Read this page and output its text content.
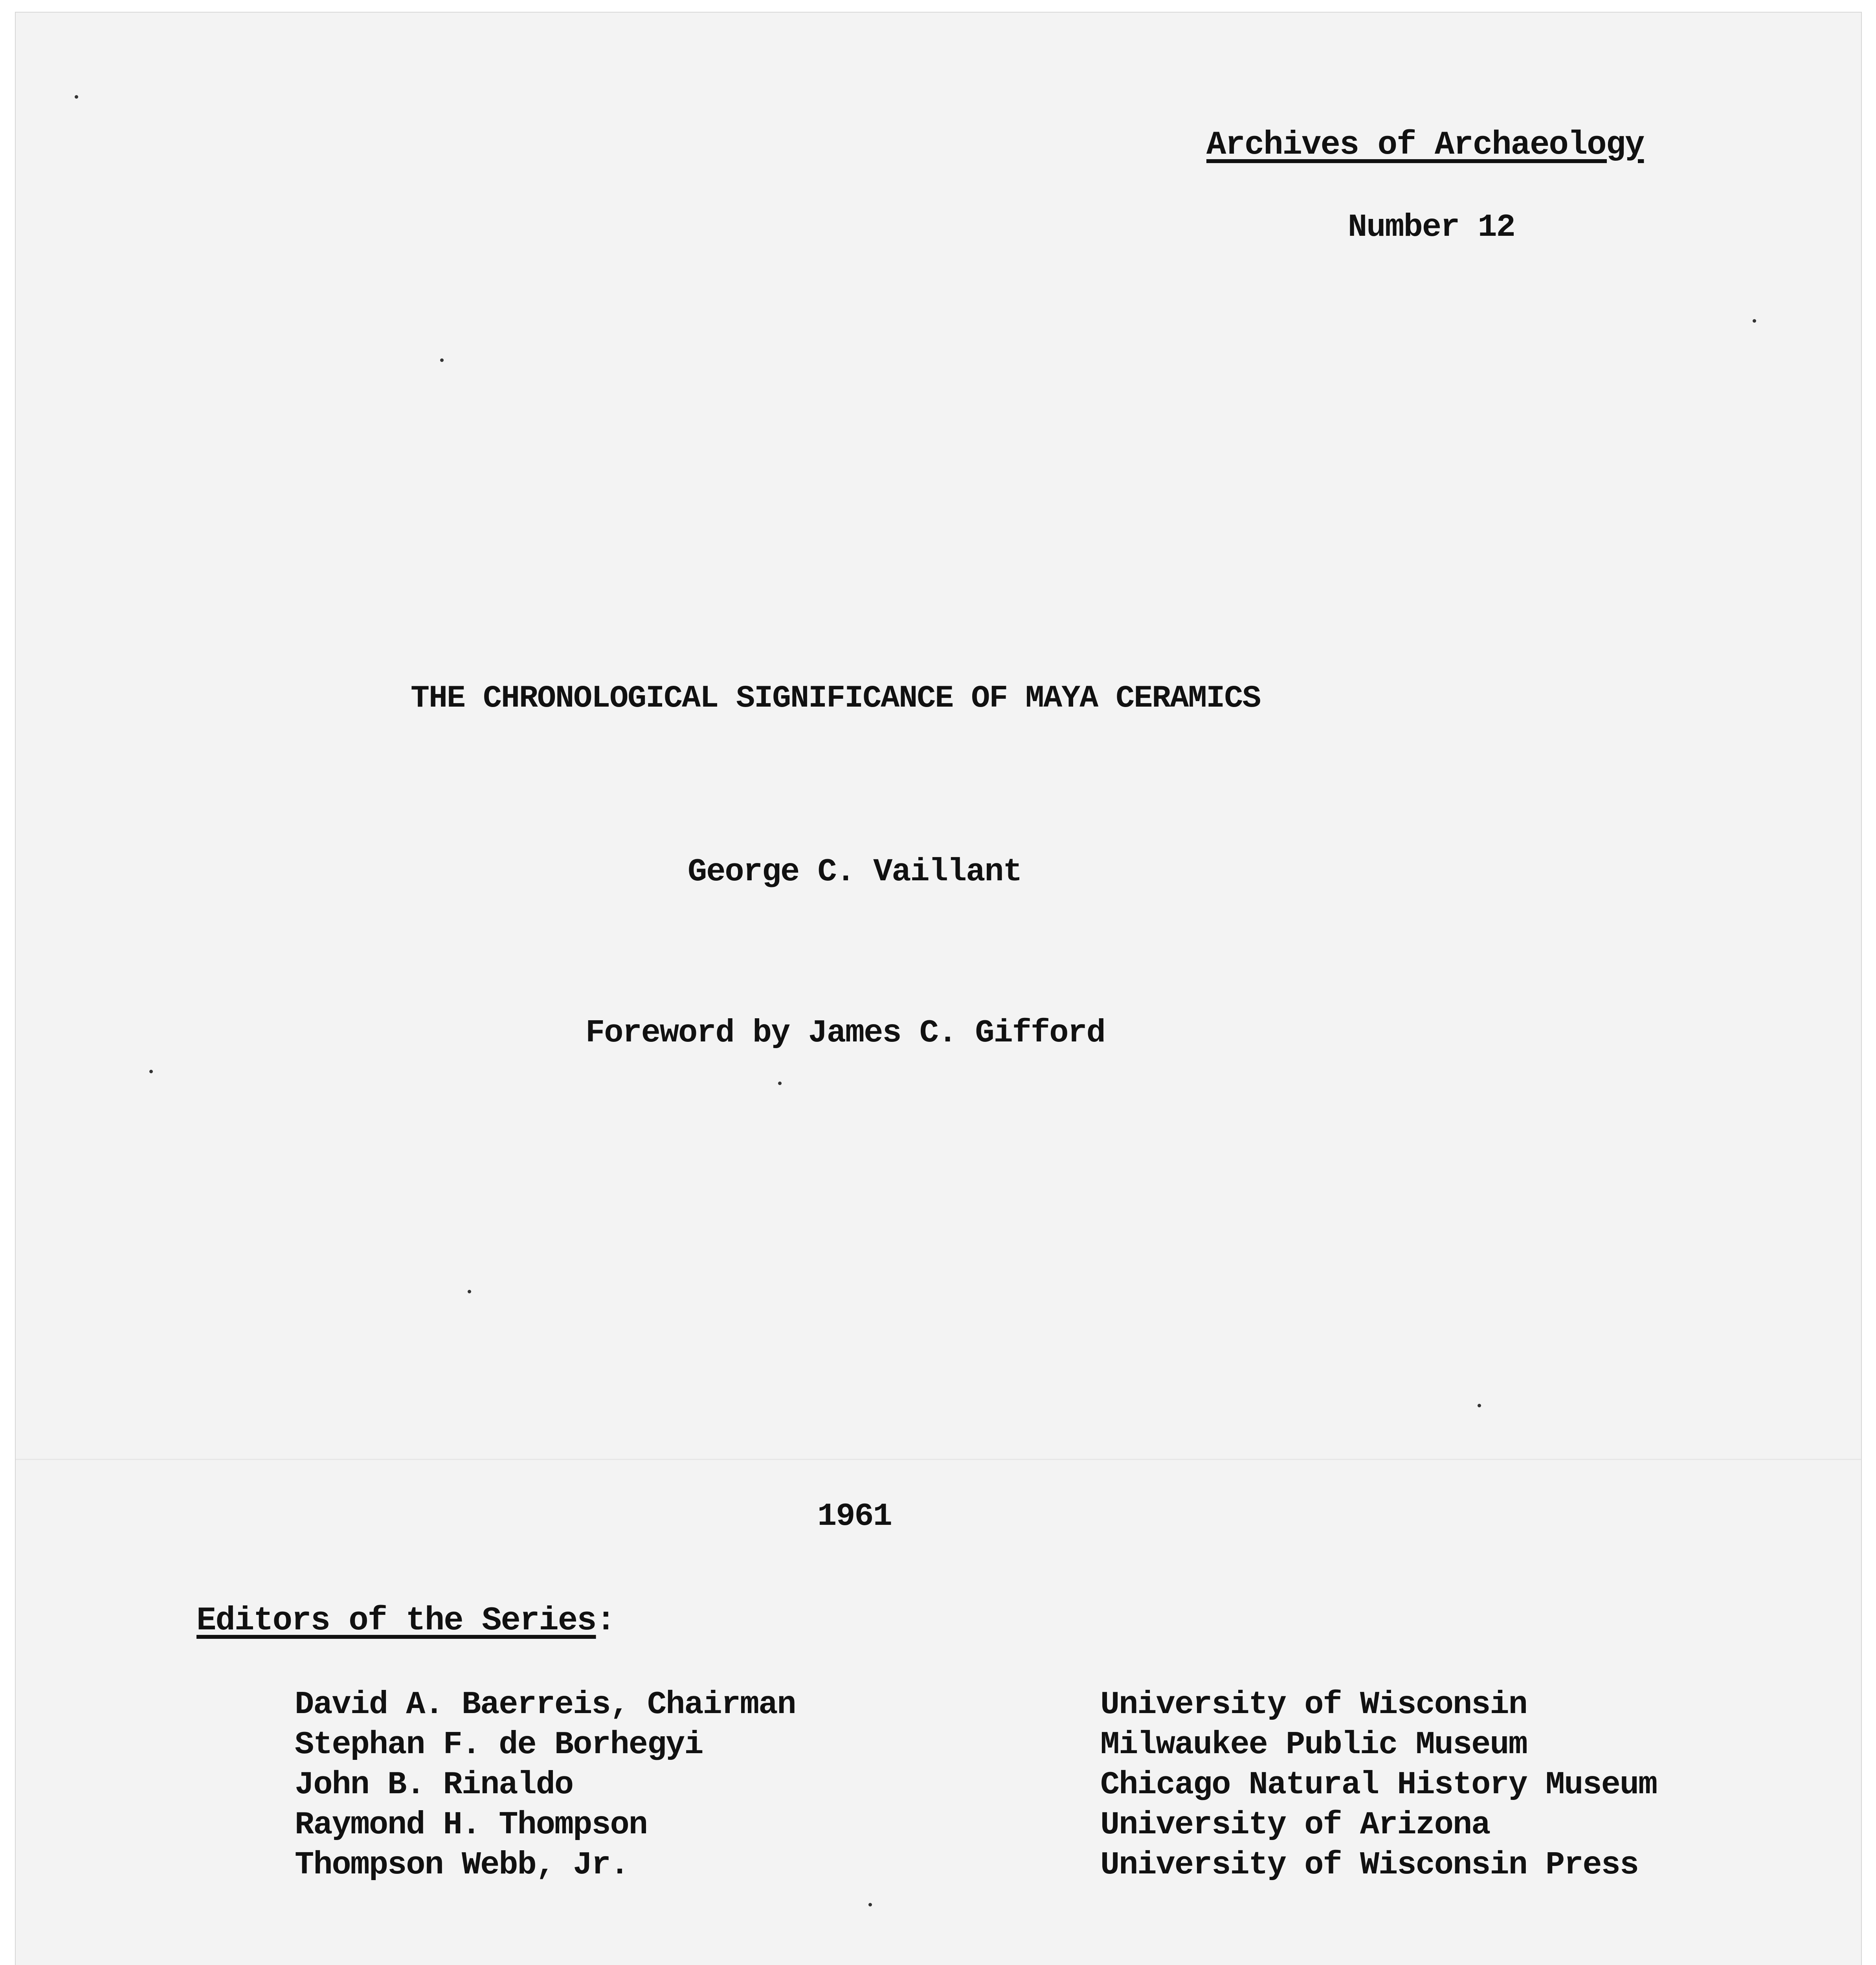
Archives of Archaeology

Number 12

THE CHRONOLOGICAL SIGNIFICANCE OF MAYA CERAMICS

George C. Vaillant

Foreword by James C. Gifford

1961

Editors of the Series:
David A. Baerreis, Chairman
Stephan F. de Borhegyi
John B. Rinaldo
Raymond H. Thompson
Thompson Webb, Jr.
University of Wisconsin
Milwaukee Public Museum
Chicago Natural History Museum
University of Arizona
University of Wisconsin Press
